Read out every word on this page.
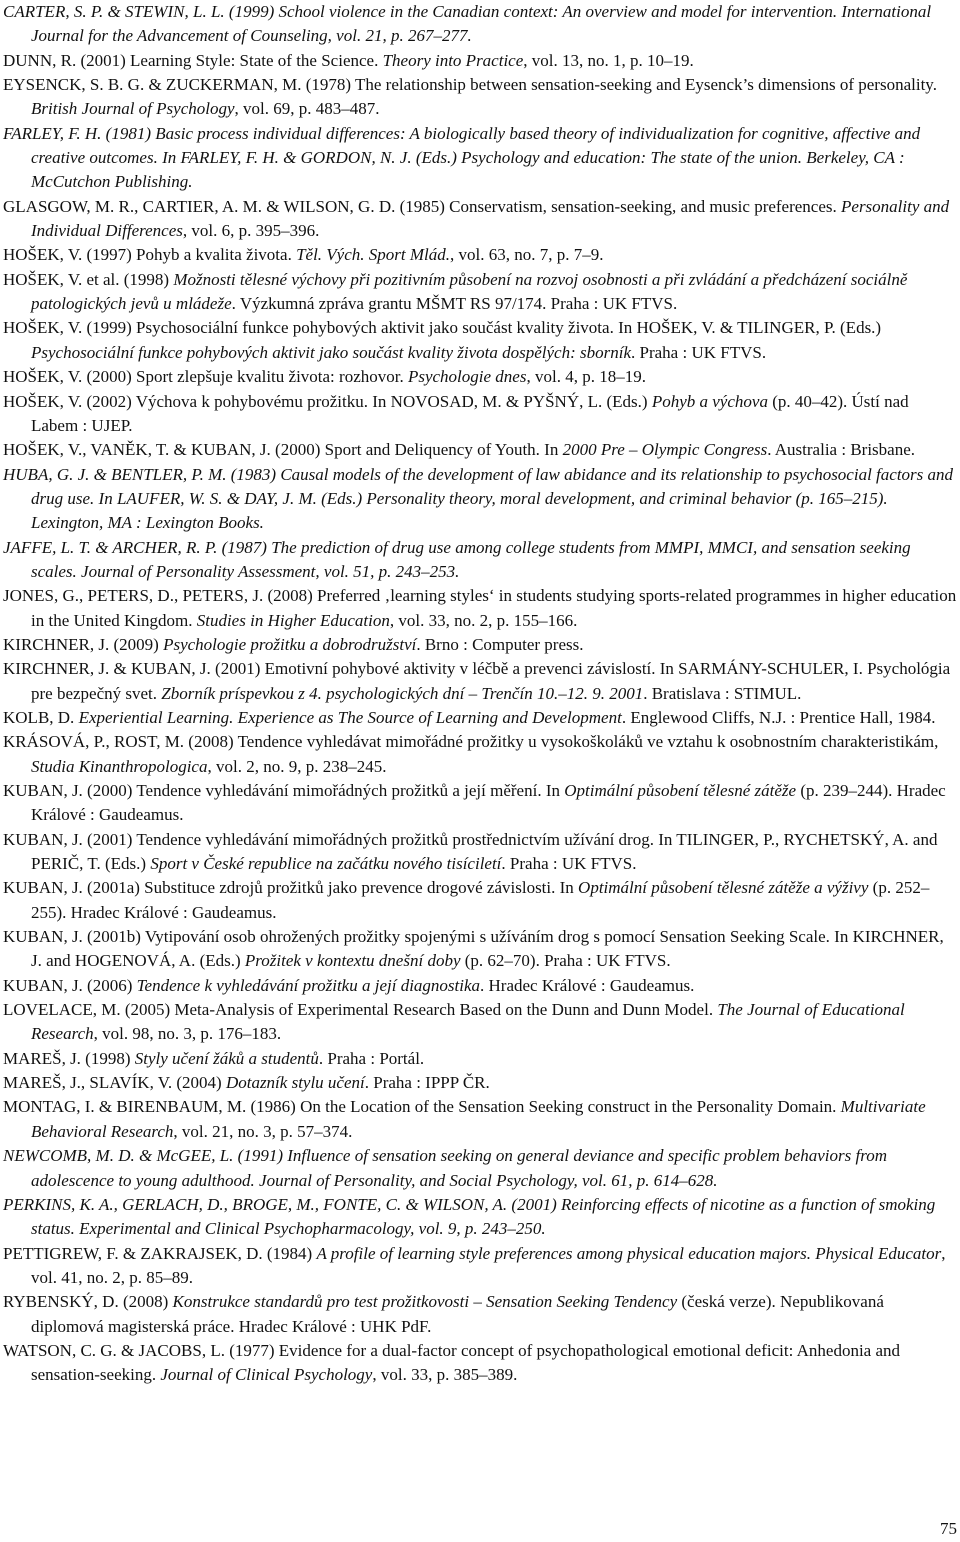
CARTER, S. P. & STEWIN, L. L. (1999) School violence in the Canadian context: An overview and model for intervention. International Journal for the Advancement of Counseling, vol. 21, p. 267–277.
DUNN, R. (2001) Learning Style: State of the Science. Theory into Practice, vol. 13, no. 1, p. 10–19.
EYSENCK, S. B. G. & ZUCKERMAN, M. (1978) The relationship between sensation-seeking and Eysenck’s dimensions of personality. British Journal of Psychology, vol. 69, p. 483–487.
FARLEY, F. H. (1981) Basic process individual differences: A biologically based theory of individualization for cognitive, affective and creative outcomes. In FARLEY, F. H. & GORDON, N. J. (Eds.) Psychology and education: The state of the union. Berkeley, CA : McCutchon Publishing.
GLASGOW, M. R., CARTIER, A. M. & WILSON, G. D. (1985) Conservatism, sensation-seeking, and music preferences. Personality and Individual Differences, vol. 6, p. 395–396.
HOŠEK, V. (1997) Pohyb a kvalita života. Těl. Vých. Sport Mlád., vol. 63, no. 7, p. 7–9.
HOŠEK, V. et al. (1998) Možnosti tělesné výchovy při pozitivním působení na rozvoj osobnosti a při zvládání a předcházení sociálně patologických jevů u mládeže. Výzkumná zpráva grantu MŠMT RS 97/174. Praha : UK FTVS.
HOŠEK, V. (1999) Psychosociální funkce pohybových aktivit jako součást kvality života. In HOŠEK, V. & TILINGER, P. (Eds.) Psychosociální funkce pohybových aktivit jako součást kvality života dospělých: sborník. Praha : UK FTVS.
HOŠEK, V. (2000) Sport zlepšuje kvalitu života: rozhovor. Psychologie dnes, vol. 4, p. 18–19.
HOŠEK, V. (2002) Výchova k pohybovému prožitku. In NOVOSAD, M. & PYŠNÝ, L. (Eds.) Pohyb a výchova (p. 40–42). Ústí nad Labem : UJEP.
HOŠEK, V., VANĚK, T. & KUBAN, J. (2000) Sport and Deliquency of Youth. In 2000 Pre – Olympic Congress. Australia : Brisbane.
HUBA, G. J. & BENTLER, P. M. (1983) Causal models of the development of law abidance and its relationship to psychosocial factors and drug use. In LAUFER, W. S. & DAY, J. M. (Eds.) Personality theory, moral development, and criminal behavior (p. 165–215). Lexington, MA : Lexington Books.
JAFFE, L. T. & ARCHER, R. P. (1987) The prediction of drug use among college students from MMPI, MMCI, and sensation seeking scales. Journal of Personality Assessment, vol. 51, p. 243–253.
JONES, G., PETERS, D., PETERS, J. (2008) Preferred ‚learning styles‘ in students studying sports-related programmes in higher education in the United Kingdom. Studies in Higher Education, vol. 33, no. 2, p. 155–166.
KIRCHNER, J. (2009) Psychologie prožitku a dobrodružství. Brno : Computer press.
KIRCHNER, J. & KUBAN, J. (2001) Emotivní pohybové aktivity v léčbě a prevenci závislostí. In SARMÁNY-SCHULER, I. Psychológia pre bezpečný svet. Zborník príspevkou z 4. psychologických dní – Trenčín 10.–12. 9. 2001. Bratislava : STIMUL.
KOLB, D. Experiential Learning. Experience as The Source of Learning and Development. Englewood Cliffs, N.J. : Prentice Hall, 1984.
KRÁSOVÁ, P., ROST, M. (2008) Tendence vyhledávat mimořádné prožitky u vysokoškoláků ve vztahu k osobnostním charakteristikám, Studia Kinanthropologica, vol. 2, no. 9, p. 238–245.
KUBAN, J. (2000) Tendence vyhledávání mimořádných prožitků a její měření. In Optimální působení tělesné zátěže (p. 239–244). Hradec Králové : Gaudeamus.
KUBAN, J. (2001) Tendence vyhledávání mimořádných prožitků prostřednictvím užívání drog. In TILINGER, P., RYCHETSKÝ, A. and PERIČ, T. (Eds.) Sport v České republice na začátku nového tisíciletí. Praha : UK FTVS.
KUBAN, J. (2001a) Substituce zdrojů prožitků jako prevence drogové závislosti. In Optimální působení tělesné zátěže a výživy (p. 252–255). Hradec Králové : Gaudeamus.
KUBAN, J. (2001b) Vytipování osob ohrožených prožitky spojenými s užíváním drog s pomocí Sensation Seeking Scale. In KIRCHNER, J. and HOGENOVÁ, A. (Eds.) Prožitek v kontextu dnešní doby (p. 62–70). Praha : UK FTVS.
KUBAN, J. (2006) Tendence k vyhledávání prožitku a její diagnostika. Hradec Králové : Gaudeamus.
LOVELACE, M. (2005) Meta-Analysis of Experimental Research Based on the Dunn and Dunn Model. The Journal of Educational Research, vol. 98, no. 3, p. 176–183.
MAREŠ, J. (1998) Styly učení žáků a studentů. Praha : Portál.
MAREŠ, J., SLAVÍK, V. (2004) Dotazník stylu učení. Praha : IPPP ČR.
MONTAG, I. & BIRENBAUM, M. (1986) On the Location of the Sensation Seeking construct in the Personality Domain. Multivariate Behavioral Research, vol. 21, no. 3, p. 57–374.
NEWCOMB, M. D. & McGEE, L. (1991) Influence of sensation seeking on general deviance and specific problem behaviors from adolescence to young adulthood. Journal of Personality, and Social Psychology, vol. 61, p. 614–628.
PERKINS, K. A., GERLACH, D., BROGE, M., FONTE, C. & WILSON, A. (2001) Reinforcing effects of nicotine as a function of smoking status. Experimental and Clinical Psychopharmacology, vol. 9, p. 243–250.
PETTIGREW, F. & ZAKRAJSEK, D. (1984) A profile of learning style preferences among physical education majors. Physical Educator, vol. 41, no. 2, p. 85–89.
RYBENSKÝ, D. (2008) Konstrukce standardů pro test prožitkovosti – Sensation Seeking Tendency (česká verze). Nepublikovaná diplomová magisterská práce. Hradec Králové : UHK PdF.
WATSON, C. G. & JACOBS, L. (1977) Evidence for a dual-factor concept of psychopathological emotional deficit: Anhedonia and sensation-seeking. Journal of Clinical Psychology, vol. 33, p. 385–389.
75
